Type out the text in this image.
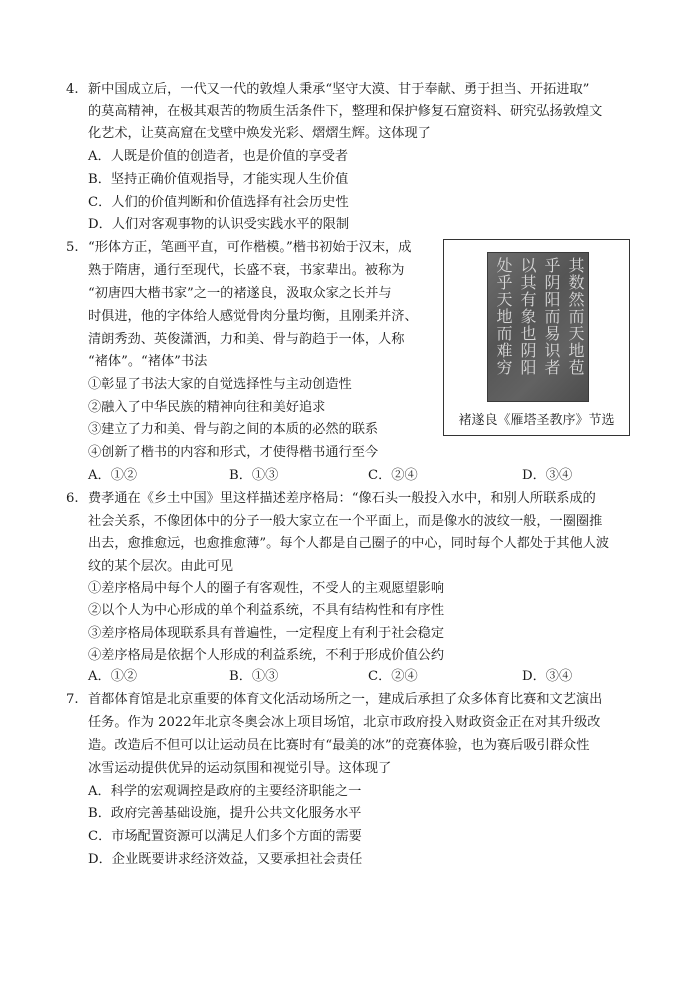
4. 新中国成立后，一代又一代的敦煌人秉承“坚守大漠、甘于奉献、勇于担当、开拓进取”
的莫高精神，在极其艰苦的物质生活条件下，整理和保护修复石窟资料、研究弘扬敦煌文
化艺术，让莫高窟在戈壁中焕发光彩、熠熠生辉。这体现了
A．人既是价值的创造者，也是价值的享受者
B．坚持正确价值观指导，才能实现人生价值
C．人们的价值判断和价值选择有社会历史性
D．人们对客观事物的认识受实践水平的限制
5. “形体方正，笔画平直，可作楷模。”楷书初始于汉末，成
熟于隋唐，通行至现代，长盛不衰，书家辈出。被称为
“初唐四大楷书家”之一的褚遂良，汲取众家之长并与
时俱进，他的字体给人感觉骨肉分量均衡，且刚柔并济、
清朗秀劲、英俊潇洒，力和美、骨与韵趋于一体，人称
“褚体”。“褚体”书法
①彰显了书法大家的自觉选择性与主动创造性
②融入了中华民族的精神向往和美好追求
③建立了力和美、骨与韵之间的本质的必然的联系
④创新了楷书的内容和形式，才使得楷书通行至今
A．①②	B．①③	C．②④	D．③④
其数然而天地苞
乎阴阳而易识者
以其有象也阴阳
处乎天地而难穷
褚遂良《雁塔圣教序》节选
6. 费孝通在《乡土中国》里这样描述差序格局：“像石头一般投入水中，和别人所联系成的
社会关系，不像团体中的分子一般大家立在一个平面上，而是像水的波纹一般，一圈圈推
出去，愈推愈远，也愈推愈薄”。每个人都是自己圈子的中心，同时每个人都处于其他人波
纹的某个层次。由此可见
①差序格局中每个人的圈子有客观性，不受人的主观愿望影响
②以个人为中心形成的单个利益系统，不具有结构性和有序性
③差序格局体现联系具有普遍性，一定程度上有利于社会稳定
④差序格局是依据个人形成的利益系统，不利于形成价值公约
A．①②	B．①③	C．②④	D．③④
7. 首都体育馆是北京重要的体育文化活动场所之一，建成后承担了众多体育比赛和文艺演出
任务。作为 2022年北京冬奥会冰上项目场馆，北京市政府投入财政资金正在对其升级改
造。改造后不但可以让运动员在比赛时有“最美的冰”的竞赛体验，也为赛后吸引群众性
冰雪运动提供优异的运动氛围和视觉引导。这体现了
A．科学的宏观调控是政府的主要经济职能之一
B．政府完善基础设施，提升公共文化服务水平
C．市场配置资源可以满足人们多个方面的需要
D．企业既要讲求经济效益，又要承担社会责任
